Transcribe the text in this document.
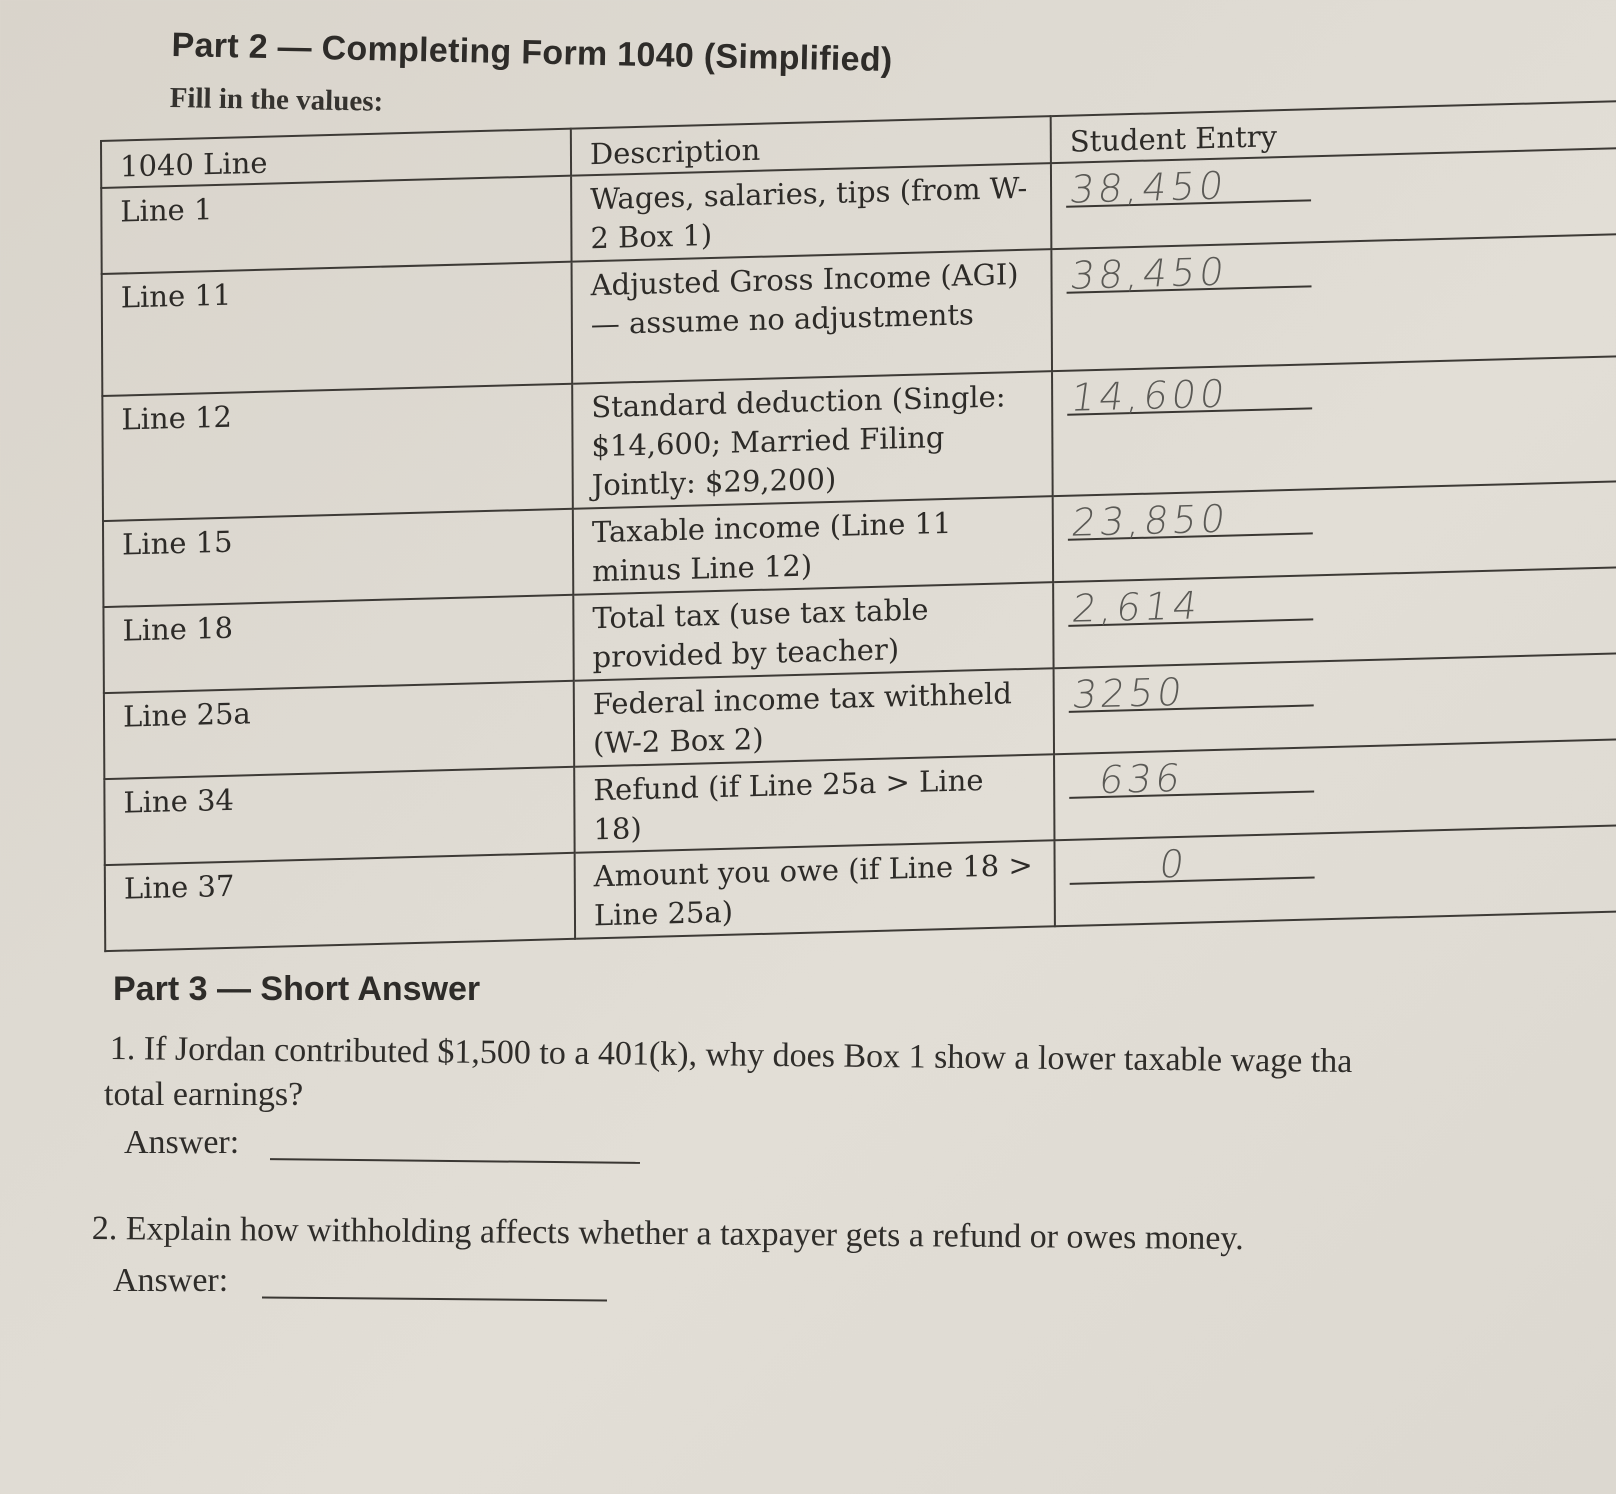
Part 2 — Completing Form 1040 (Simplified)
Fill in the values:
1040 Line	Description	Student Entry
Line 1	Wages, salaries, tips (from W-2 Box 1)	38,450

Line 11	Adjusted Gross Income (AGI) — assume no adjustments	38,450

Line 12	Standard deduction (Single: $14,600; Married Filing Jointly: $29,200)	14,600

Line 15	Taxable income (Line 11 minus Line 12)	23,850

Line 18	Total tax (use tax table provided by teacher)	2,614

Line 25a	Federal income tax withheld (W-2 Box 2)	3250

Line 34	Refund (if Line 25a > Line 18)	636

Line 37	Amount you owe (if Line 18 > Line 25a)	0
Part 3 — Short Answer
1. If Jordan contributed $1,500 to a 401(k), why does Box 1 show a lower taxable wage tha
total earnings?
Answer:
2. Explain how withholding affects whether a taxpayer gets a refund or owes money.
Answer:
